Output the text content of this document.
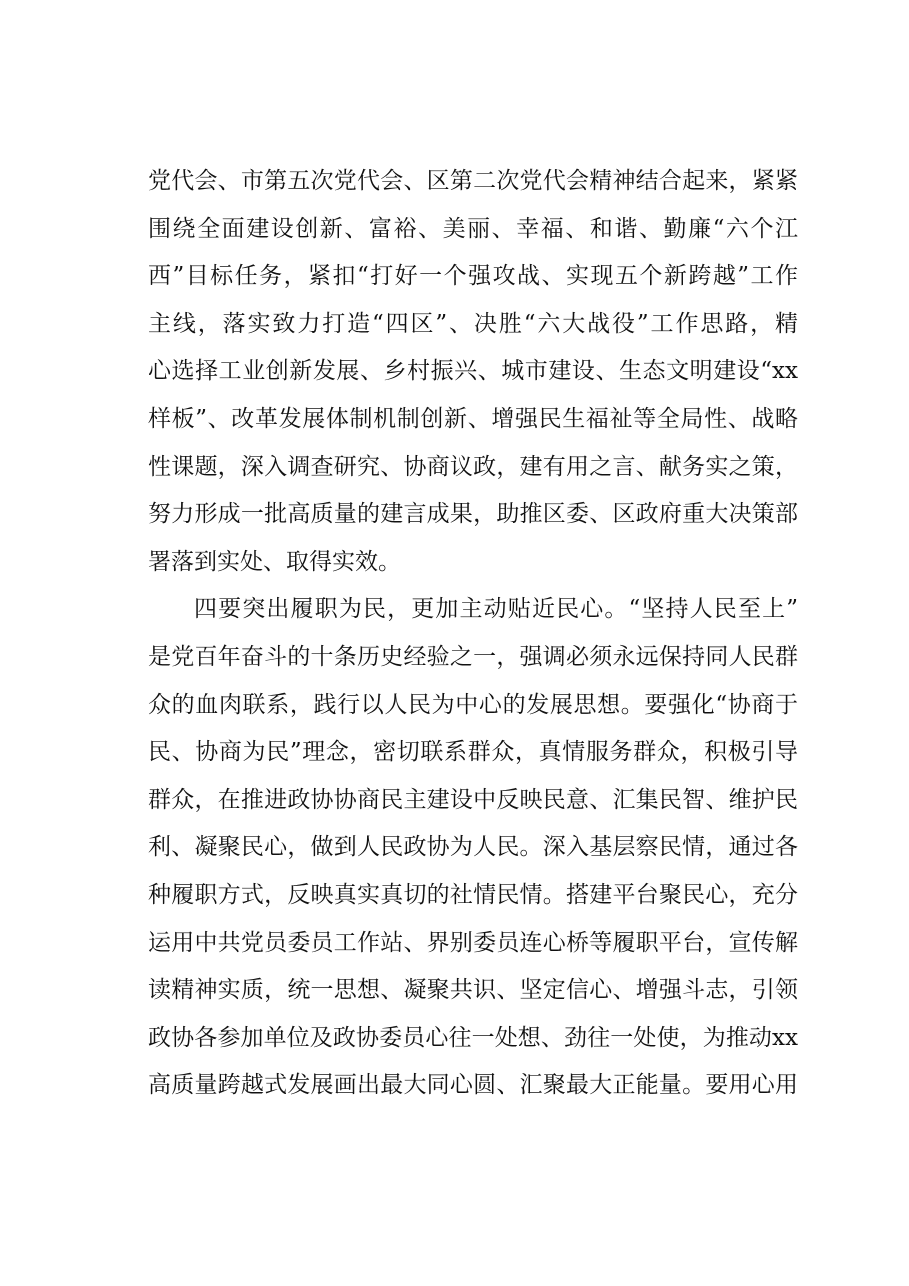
党代会、市第五次党代会、区第二次党代会精神结合起来，紧紧
围绕全面建设创新、富裕、美丽、幸福、和谐、勤廉“六个江
西”目标任务，紧扣“打好一个强攻战、实现五个新跨越”工作
主线，落实致力打造“四区”、决胜“六大战役”工作思路，精
心选择工业创新发展、乡村振兴、城市建设、生态文明建设“xx
样板”、改革发展体制机制创新、增强民生福祉等全局性、战略
性课题，深入调查研究、协商议政，建有用之言、献务实之策，
努力形成一批高质量的建言成果，助推区委、区政府重大决策部
署落到实处、取得实效。
四要突出履职为民，更加主动贴近民心。“坚持人民至上”
是党百年奋斗的十条历史经验之一，强调必须永远保持同人民群
众的血肉联系，践行以人民为中心的发展思想。要强化“协商于
民、协商为民”理念，密切联系群众，真情服务群众，积极引导
群众，在推进政协协商民主建设中反映民意、汇集民智、维护民
利、凝聚民心，做到人民政协为人民。深入基层察民情，通过各
种履职方式，反映真实真切的社情民情。搭建平台聚民心，充分
运用中共党员委员工作站、界别委员连心桥等履职平台，宣传解
读精神实质，统一思想、凝聚共识、坚定信心、增强斗志，引领
政协各参加单位及政协委员心往一处想、劲往一处使，为推动xx
高质量跨越式发展画出最大同心圆、汇聚最大正能量。要用心用
